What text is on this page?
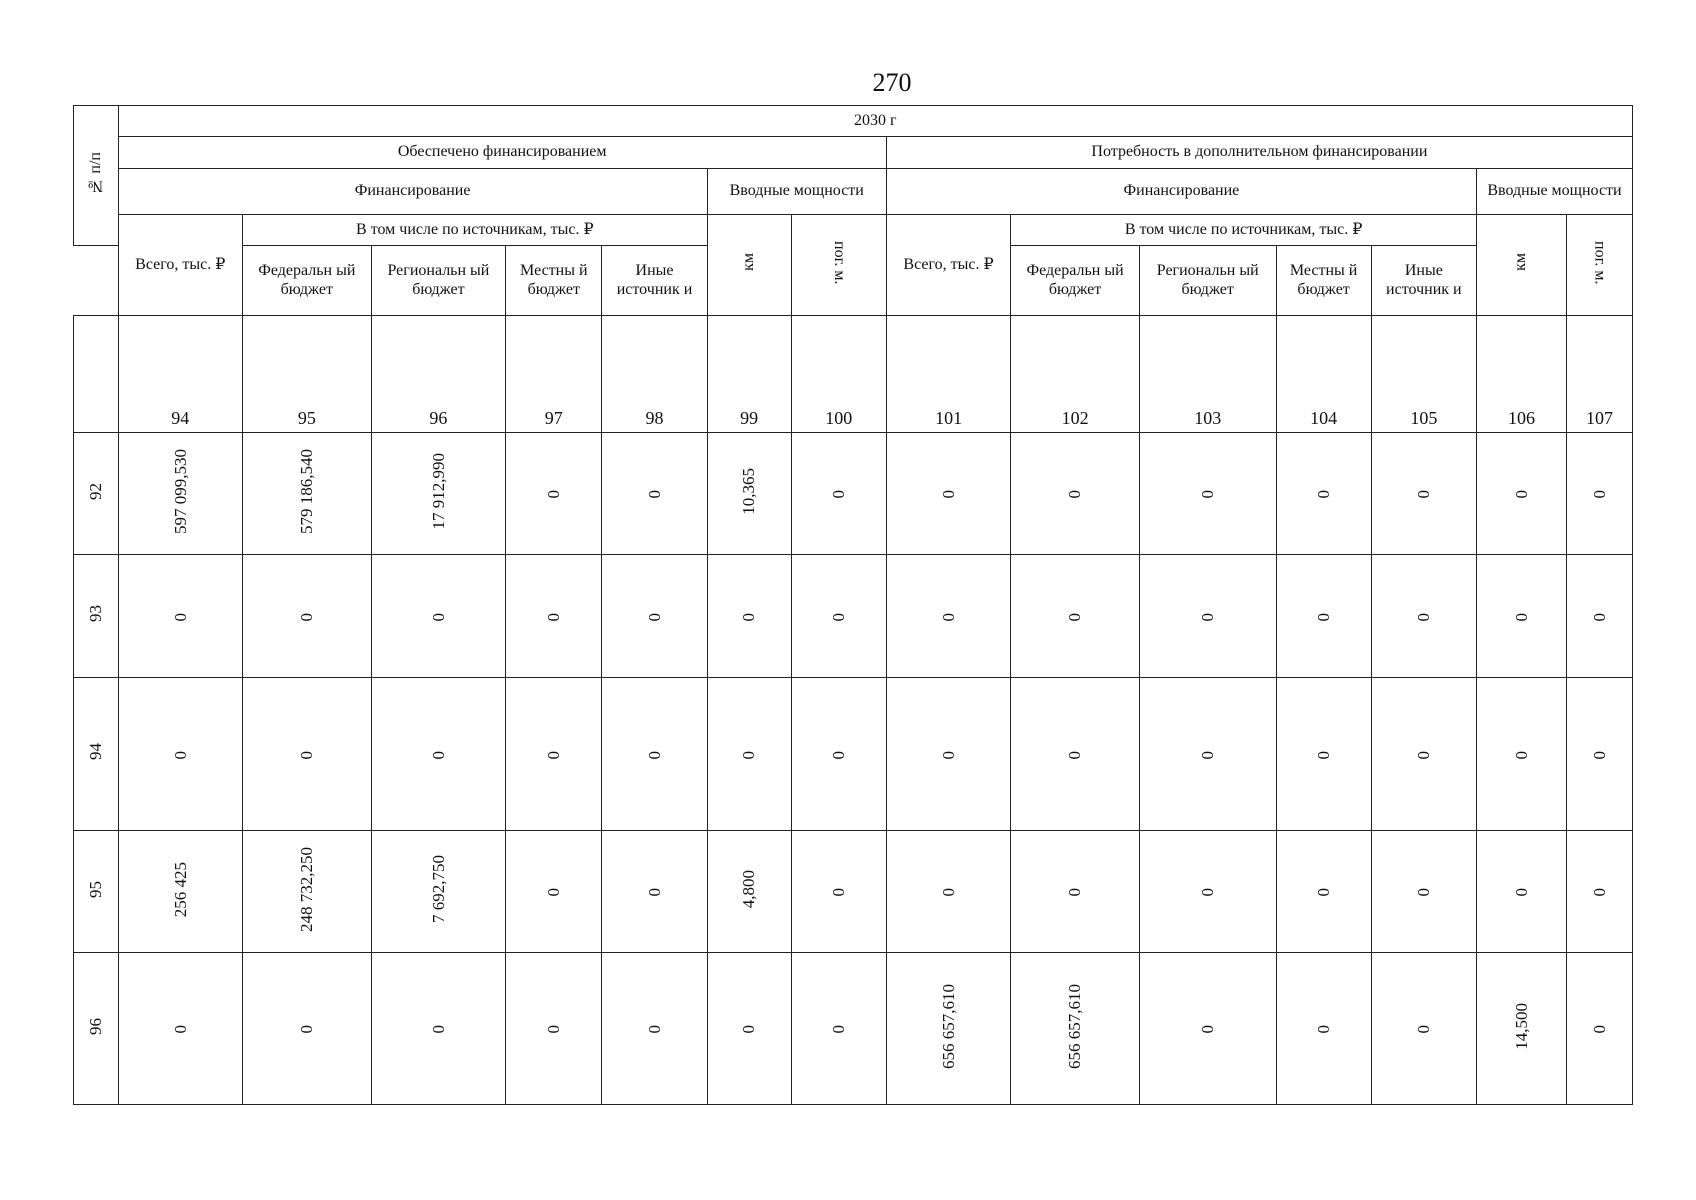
270
№ п/п	2030 г													
	Обеспечено финансированием							Потребность в дополнительном финансировании						
	Финансирование					Вводные мощности		Финансирование					Вводные мощности	
	Всего, тыс. ₽	В том числе по источникам, тыс. ₽				км	пог. м.	Всего, тыс. ₽	В том числе по источникам, тыс. ₽				км	пог. м.
		Федеральн ый бюджет	Региональн ый бюджет	Местны й бюджет	Иные источник и				Федеральн ый бюджет	Региональн ый бюджет	Местны й бюджет	Иные источник и		
	94	95	96	97	98	99	100	101	102	103	104	105	106	107
92	597 099,530	579 186,540	17 912,990	0	0	10,365	0	0	0	0	0	0	0	0
93	0	0	0	0	0	0	0	0	0	0	0	0	0	0
94	0	0	0	0	0	0	0	0	0	0	0	0	0	0
95	256 425	248 732,250	7 692,750	0	0	4,800	0	0	0	0	0	0	0	0
96	0	0	0	0	0	0	0	656 657,610	656 657,610	0	0	0	14,500	0
